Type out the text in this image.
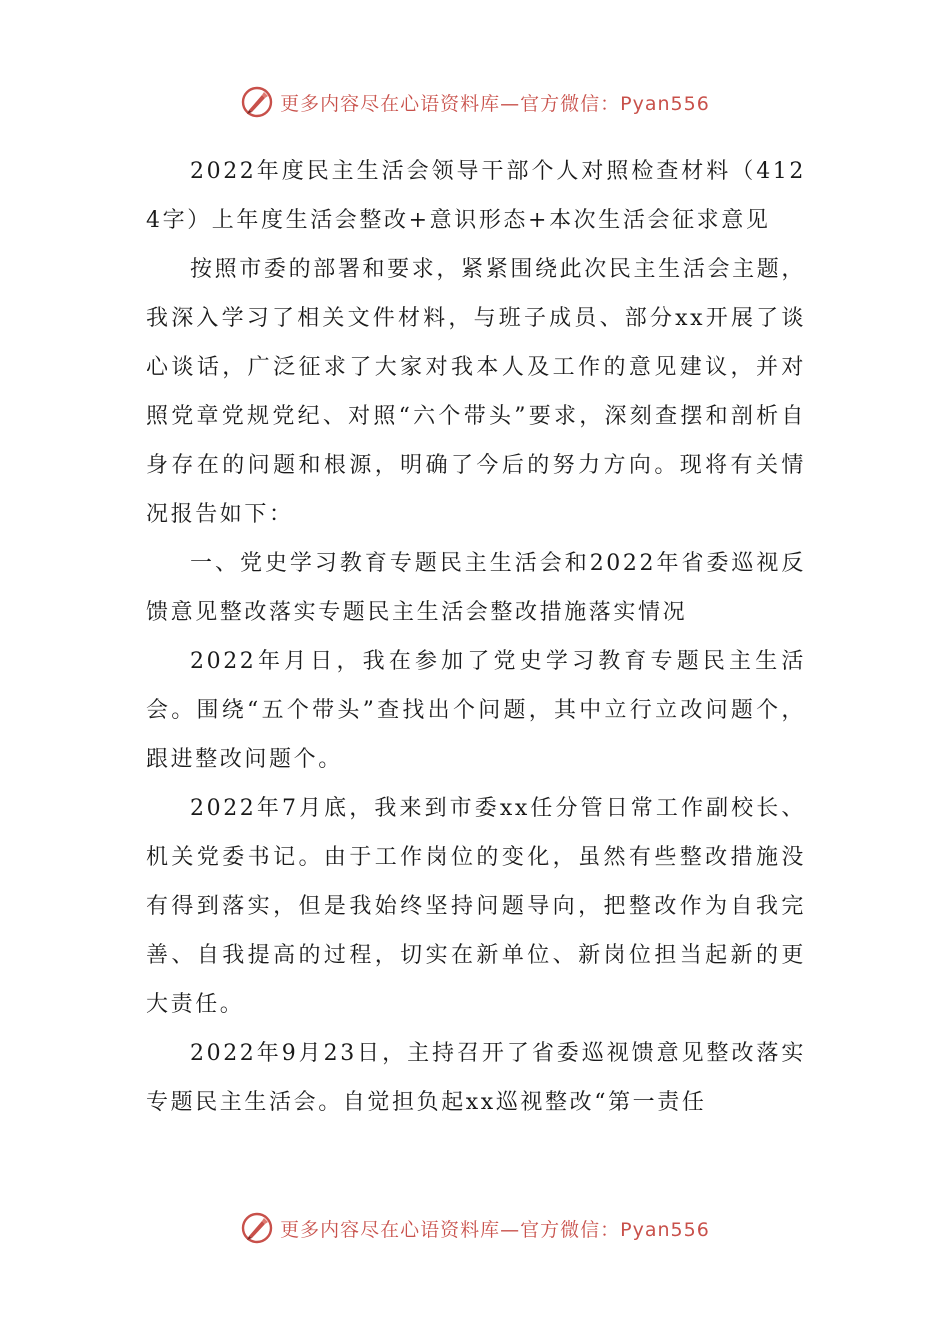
更多内容尽在心语资料库—官方微信：Pyan556

2022年度民主生活会领导干部个人对照检查材料（4124字）上年度生活会整改+意识形态+本次生活会征求意见

按照市委的部署和要求，紧紧围绕此次民主生活会主题，我深入学习了相关文件材料，与班子成员、部分xx开展了谈心谈话，广泛征求了大家对我本人及工作的意见建议，并对照党章党规党纪、对照“六个带头”要求，深刻查摆和剖析自身存在的问题和根源，明确了今后的努力方向。现将有关情况报告如下：

一、党史学习教育专题民主生活会和2022年省委巡视反馈意见整改落实专题民主生活会整改措施落实情况

2022年月日，我在参加了党史学习教育专题民主生活会。围绕“五个带头”查找出个问题，其中立行立改问题个，跟进整改问题个。

2022年7月底，我来到市委xx任分管日常工作副校长、机关党委书记。由于工作岗位的变化，虽然有些整改措施没有得到落实，但是我始终坚持问题导向，把整改作为自我完善、自我提高的过程，切实在新单位、新岗位担当起新的更大责任。

2022年9月23日，主持召开了省委巡视馈意见整改落实专题民主生活会。自觉担负起xx巡视整改“第一责任

更多内容尽在心语资料库—官方微信：Pyan556
